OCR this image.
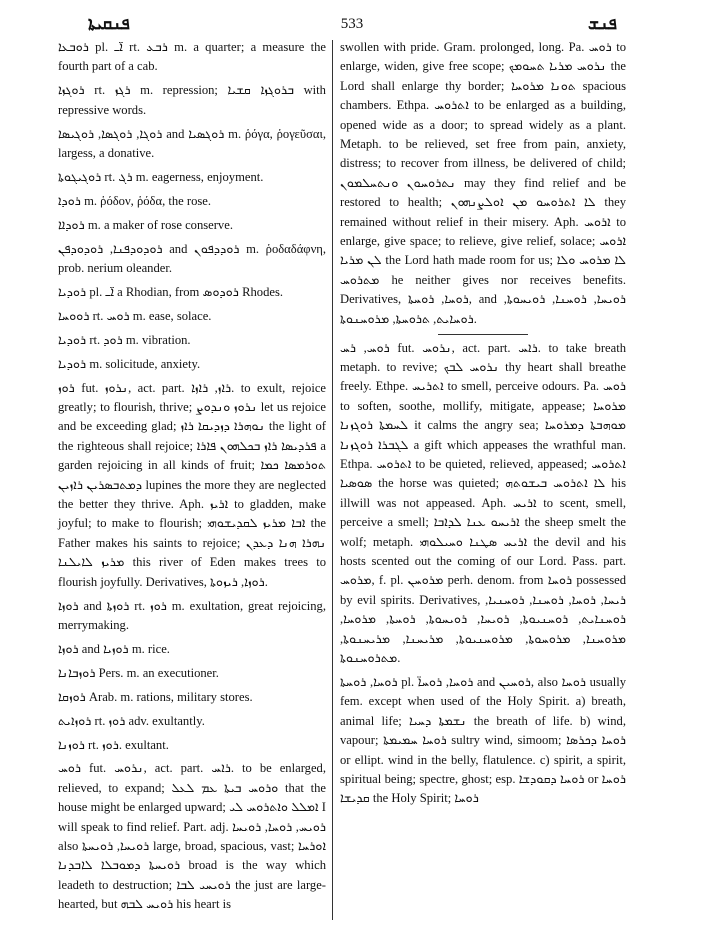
ܦܢܩܝܬܐ	533	ܦܢܫ

ܪܘܒܥܐ pl. ܐ̈ـ rt. ܪܒܥ m. a quarter; a measure the fourth part of a cab.

ܪܘܓܙܐ rt. ܪܓܙ m. repression; ܒܪܘܓܙܐ ܩܫܝܐ with repressive words.

ܪܘܓܐ, ܪܘܓܣܐ, ܪܘܓܝܣܐ and ܪܘܓܣܝܐ m. ῥόγα, ῥογεῦσαι, largess, a donative.

ܪܘܓܝܓܘܬܐ rt. ܪܓ m. eagerness, enjoyment.

ܪܘܕܐ m. ῥόδον, ῥόδα, the rose.

ܪܘܕܐܐ m. a maker of rose conserve.

ܪܘܕܘܕܦܢܐ, ܪܘܕܘܕܦܢ and ܪܘܕܕܦܘܢ m. ῥοδαδάφνη, prob. nerium oleander.

ܪܘܕܝܐ pl. ܐ̈ـ a Rhodian, from ܪܘܕܘܣ Rhodes.

ܪܘܘܚܐ rt. ܪܘܚ m. ease, solace.

ܪܘܕܝܐ rt. ܪܘܕ m. vibration.

ܪܘܕܝܐ m. solicitude, anxiety.

ܪܘܙ fut. ܢܪܘܙ, act. part. ܪܐܙ, ܪܐܙܐ. to exult, rejoice greatly; to flourish, thrive; ܢܪܘܙ ܘܢܕܘܨ let us rejoice and be exceeding glad; ܢܘܗܪܐ ܕܙܕܝܩܐ ܪܐܙ the light of the righteous shall rejoice; ܦܪܕܝܣܐ ܪܐܙ ܒܟܠܗܘܢ ܦܐܪܐ a garden rejoicing in all kinds of fruit; ܬܘܪܡܣܐ ܟܡܐ ܕܡܬܒܣܪܝܢ ܪܐܙܝܢ lupines the more they are neglected the better they thrive. Aph. ܐܪܝܙ to gladden, make joyful; to make to flourish; ܐܒܐ ܡܪܝܙ ܠܩܕܝܫܘܗܝ the Father makes his saints to rejoice; ܢܗܪܐ ܗܢܐ ܕܥܕܢ ܡܪܝܙ ܠܐܝܠܢܐ this river of Eden makes trees to flourish joyfully. Derivatives, ܪܘܙܐ, ܪܝܙܘܬܐ.

ܪܘܙܐ and ܪܘܙܬܐ rt. ܪܘܙ m. exultation, great rejoicing, merrymaking.

ܪܘܙܐ and ܪܘܙܝܐ m. rice.

ܪܘܙܒܐܢܐ Pers. m. an executioner.

ܪܘܙܩܐ Arab. m. rations, military stores.

ܪܘܙܐܝܬ rt. ܪܘܙ adv. exultantly.

ܪܘܙܢܐ rt. ܪܘܙ. exultant.

ܪܘܚ fut. ܢܪܘܚ, act. part. ܪܐܚ. to be enlarged, relieved, to expand; ܘܪܘܚ ܒܝܬܐ ܥܡ ܠܥܠ that the house might be enlarged upward; ܐܡܠܠ ܘܐܬܪܘܚ ܠܝ I will speak to find relief. Part. adj. ܪܘܝܚ, ܪܘܚܐ, ܪܘܝܚܐ also ܪܘܝܚܐ, ܪܘܝܚܬܐ large, broad, spacious, vast; ܐܘܪܚܐ ܪܘܝܚܬܐ ܕܡܘܒܠܐ ܠܐܒܕܢܐ broad is the way which leadeth to destruction; ܪܘܝܚܝ ܠܒܐ the just are large-hearted, but ܪܘܝܚ ܠܒܗ his heart is

swollen with pride. Gram. prolonged, long. Pa. ܪܘܚ to enlarge, widen, give free scope; ܢܪܘܚ ܡܪܝܐ ܬܚܘܡܟ the Lord shall enlarge thy border; ܬܘܢܐ ܡܪܘܚܐ spacious chambers. Ethpa. ܐܬܪܘܚ to be enlarged as a building, opened wide as a door; to spread widely as a plant. Metaph. to be relieved, set free from pain, anxiety, distress; to recover from illness, be delivered of child; ܢܬܪܘܚܘܢ ܘܢܬܚܠܡܘܢ may they find relief and be restored to health; ܠܐ ܐܬܪܘܚܘ ܡܢ ܐܘܠܨܢܗܘܢ they remained without relief in their misery. Aph. ܐܪܘܚ to enlarge, give space; to relieve, give relief, solace; ܐܪܘܚ ܠܢ ܡܪܝܐ the Lord hath made room for us; ܠܐ ܡܪܘܚ ܘܠܐ ܡܬܪܘܚ he neither gives nor receives benefits. Derivatives, ܪܘܚܐ, ܪܘܚܬܐ, and ܪܘܝܚܐ, ܪܘܚܢܐ, ܪܘܝܚܘܬܐ, ܪܘܚܐܝܬ, ܬܪܘܚܬܐ, ܡܪܘܚܢܘܬܐ.

ܪܘܚ, ܪܚ fut. ܢܪܘܚ, act. part. ܪܐܚ. to take breath metaph. to revive; ܢܪܘܚ ܠܒܟ thy heart shall breathe freely. Ethpe. ܐܬܪܝܚ to smell, perceive odours. Pa. ܪܘܚ to soften, soothe, mollify, mitigate, appease; ܡܪܘܚܐ ܠܚܡܬܐ ܪܘܓܙܢܐ it calms the angry sea; ܡܘܗܒܬܐ ܕܡܪܘܚܐ ܠܓܒܪܐ ܪܘܓܙܢܐ a gift which appeases the wrathful man. Ethpa. ܐܬܪܘܚ to be quieted, relieved, appeased; ܐܬܪܘܚ ܣܘܣܝܐ the horse was quieted; ܠܐ ܐܬܪܘܚ ܒܝܫܘܬܗ his illwill was not appeased. Aph. ܐܪܝܚ to scent, smell, perceive a smell; ܐܪܝܚܘ ܥܢܐ ܠܕܐܒܐ the sheep smelt the wolf; metaph. ܐܪܝܚ ܣܛܢܐ ܘܚܝܠܘܗܝ the devil and his hosts scented out the coming of our Lord. Pass. part. ܡܪܘܚ, f. pl. ܡܪܘܚܢ perh. denom. from ܪܘܚܐ possessed by evil spirits. Derivatives, ܪܝܚܐ, ܪܘܚܐ, ܪܘܚܢܐ, ܪܘܚܢܝܐ, ܪܘܚܢܐܝܬ, ܪܘܚܢܝܘܬܐ, ܪܘܝܚܐ, ܪܘܝܚܘܬܐ, ܪܘܚܬܐ, ܡܪܘܚܐ, ܡܪܘܚܢܐ, ܡܪܘܚܘܬܐ, ܡܪܘܚܢܝܘܬܐ, ܡܪܝܚܢܐ, ܡܪܝܚܢܘܬܐ, ܡܬܪܘܚܢܘܬܐ.

ܪܘܚܐ, ܪܘܚܬܐ pl. ܪܘܚܐ, ܪܘܚܐ̈ and ܪܘܚܝܢ, also ܪܘܚܐ usually fem. except when used of the Holy Spirit. a) breath, animal life; ܢܫܡܬܐ ܕܚܝܐ the breath of life. b) wind, vapour; ܪܘܚܐ ܚܡܝܡܬܐ sultry wind, simoom; ܪܘܚܐ ܕܟܪܣܐ or ellipt. wind in the belly, flatulence. c) spirit, a spirit, spiritual being; spectre, ghost; esp. ܪܘܚܐ ܕܩܘܕܫܐ or ܪܘܚܐ ܩܕܝܫܐ the Holy Spirit; ܪܘܚܐ
